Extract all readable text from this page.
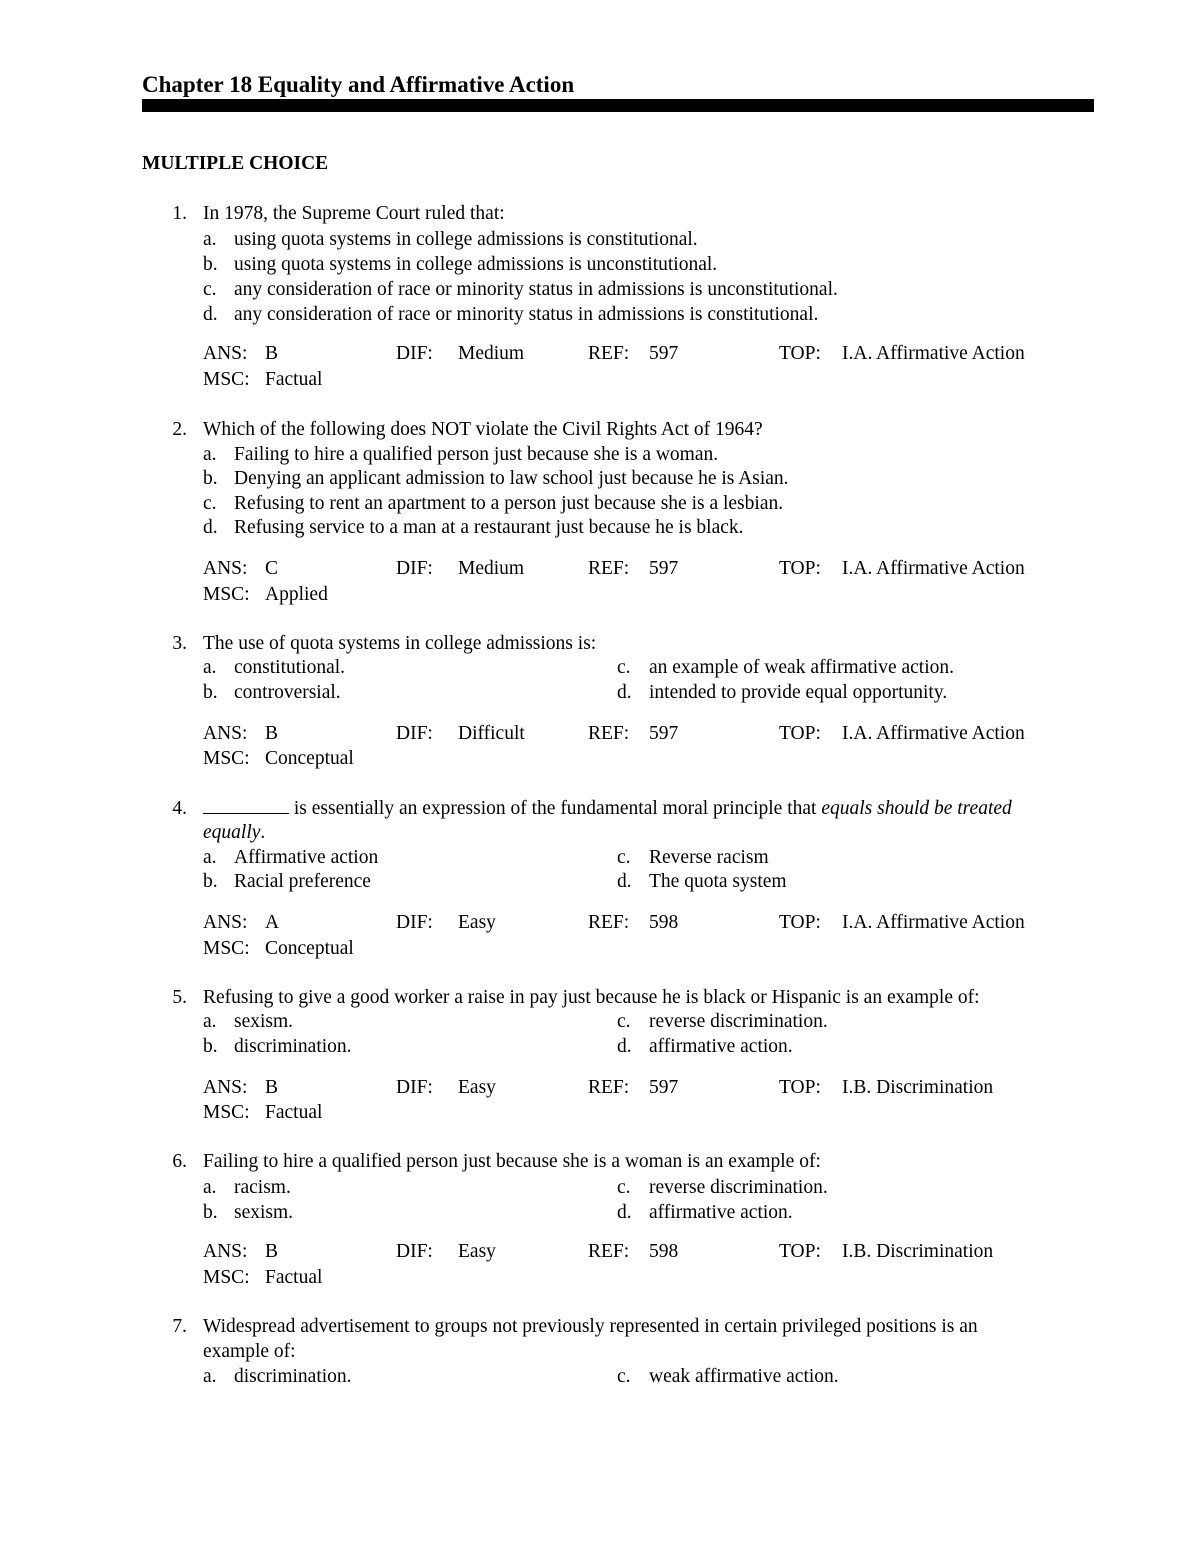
Chapter 18 Equality and Affirmative Action
MULTIPLE CHOICE
1. In 1978, the Supreme Court ruled that:
a. using quota systems in college admissions is constitutional.
b. using quota systems in college admissions is unconstitutional.
c. any consideration of race or minority status in admissions is unconstitutional.
d. any consideration of race or minority status in admissions is constitutional.
ANS: B	DIF: Medium	REF: 597	TOP: I.A. Affirmative Action
MSC: Factual
2. Which of the following does NOT violate the Civil Rights Act of 1964?
a. Failing to hire a qualified person just because she is a woman.
b. Denying an applicant admission to law school just because he is Asian.
c. Refusing to rent an apartment to a person just because she is a lesbian.
d. Refusing service to a man at a restaurant just because he is black.
ANS: C	DIF: Medium	REF: 597	TOP: I.A. Affirmative Action
MSC: Applied
3. The use of quota systems in college admissions is:
a. constitutional.
b. controversial.
c. an example of weak affirmative action.
d. intended to provide equal opportunity.
ANS: B	DIF: Difficult	REF: 597	TOP: I.A. Affirmative Action
MSC: Conceptual
4.	is essentially an expression of the fundamental moral principle that equals should be treated
equally.
a. Affirmative action
b. Racial preference
c. Reverse racism
d. The quota system
ANS: A	DIF: Easy	REF: 598	TOP: I.A. Affirmative Action
MSC: Conceptual
5. Refusing to give a good worker a raise in pay just because he is black or Hispanic is an example of:
a. sexism.
b. discrimination.
c. reverse discrimination.
d. affirmative action.
ANS: B	DIF: Easy	REF: 597	TOP: I.B. Discrimination
MSC: Factual
6. Failing to hire a qualified person just because she is a woman is an example of:
a. racism.
b. sexism.
c. reverse discrimination.
d. affirmative action.
ANS: B	DIF: Easy	REF: 598	TOP: I.B. Discrimination
MSC: Factual
7. Widespread advertisement to groups not previously represented in certain privileged positions is an
example of:
a. discrimination.	c. weak affirmative action.
